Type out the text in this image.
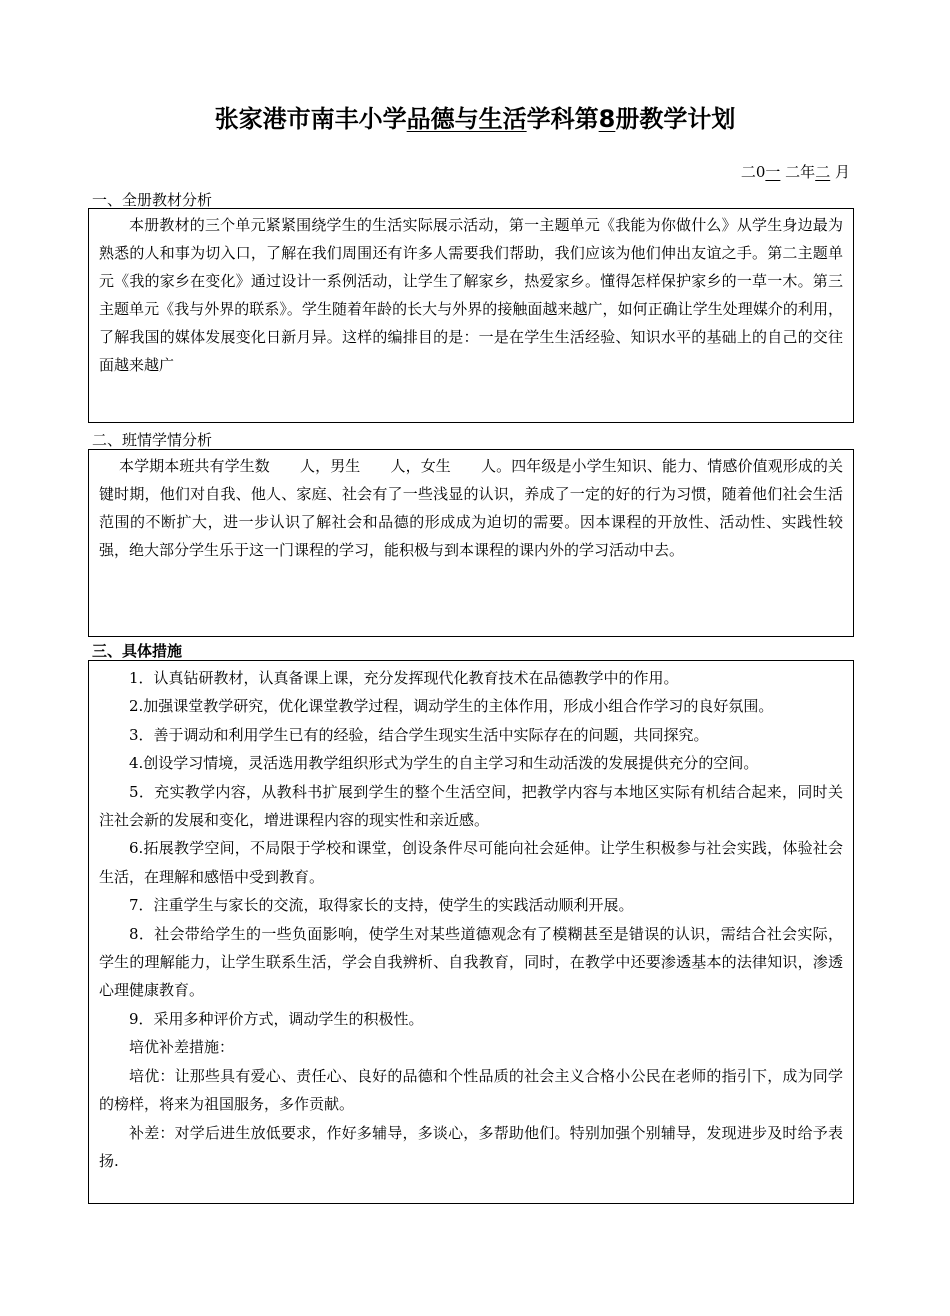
张家港市南丰小学品德与生活学科第8册教学计划
二0一 二年二 月
一、全册教材分析

本册教材的三个单元紧紧围绕学生的生活实际展示活动，第一主题单元《我能为你做什么》从学生身边最为熟悉的人和事为切入口，了解在我们周围还有许多人需要我们帮助，我们应该为他们伸出友谊之手。第二主题单元《我的家乡在变化》通过设计一系例活动，让学生了解家乡，热爱家乡。懂得怎样保护家乡的一草一木。第三主题单元《我与外界的联系》。学生随着年龄的长大与外界的接触面越来越广，如何正确让学生处理媒介的利用，了解我国的媒体发展变化日新月异。这样的编排目的是：一是在学生生活经验、知识水平的基础上的自己的交往面越来越广

二、班情学情分析

本学期本班共有学生数　　人，男生　　人，女生　　人。四年级是小学生知识、能力、情感价值观形成的关键时期，他们对自我、他人、家庭、社会有了一些浅显的认识，养成了一定的好的行为习惯，随着他们社会生活范围的不断扩大，进一步认识了解社会和品德的形成成为迫切的需要。因本课程的开放性、活动性、实践性较强，绝大部分学生乐于这一门课程的学习，能积极与到本课程的课内外的学习活动中去。

三、具体措施

1．认真钻研教材，认真备课上课，充分发挥现代化教育技术在品德教学中的作用。

2.加强课堂教学研究，优化课堂教学过程，调动学生的主体作用，形成小组合作学习的良好氛围。

3．善于调动和利用学生已有的经验，结合学生现实生活中实际存在的问题，共同探究。

4.创设学习情境，灵活选用教学组织形式为学生的自主学习和生动活泼的发展提供充分的空间。

5．充实教学内容，从教科书扩展到学生的整个生活空间，把教学内容与本地区实际有机结合起来，同时关注社会新的发展和变化，增进课程内容的现实性和亲近感。

6.拓展教学空间，不局限于学校和课堂，创设条件尽可能向社会延伸。让学生积极参与社会实践，体验社会生活，在理解和感悟中受到教育。

7．注重学生与家长的交流，取得家长的支持，使学生的实践活动顺利开展。

8．社会带给学生的一些负面影响，使学生对某些道德观念有了模糊甚至是错误的认识，需结合社会实际，学生的理解能力，让学生联系生活，学会自我辨析、自我教育，同时，在教学中还要渗透基本的法律知识，渗透心理健康教育。

9．采用多种评价方式，调动学生的积极性。

培优补差措施：

培优：让那些具有爱心、责任心、良好的品德和个性品质的社会主义合格小公民在老师的指引下，成为同学的榜样，将来为祖国服务，多作贡献。

补差：对学后进生放低要求，作好多辅导，多谈心，多帮助他们。特别加强个别辅导，发现进步及时给予表扬.
